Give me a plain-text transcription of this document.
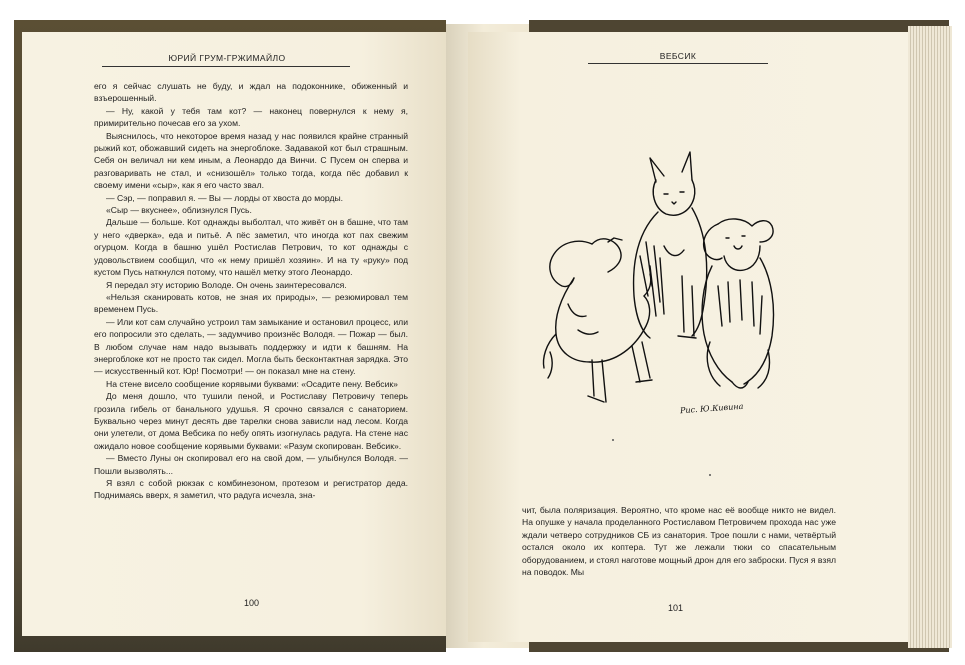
ЮРИЙ ГРУМ-ГРЖИМАЙЛО

его я сейчас слушать не буду, и ждал на подоконнике, обиженный и взъерошенный.

— Ну, какой у тебя там кот? — наконец повернулся к нему я, примирительно почесав его за ухом.

Выяснилось, что некоторое время назад у нас появился крайне странный рыжий кот, обожавший сидеть на энергоблоке. Задавакой кот был страшным. Себя он величал ни кем иным, а Леонардо да Винчи. С Пусем он сперва и разговаривать не стал, и «снизошёл» только тогда, когда пёс добавил к своему имени «сыр», как я его часто звал.

— Сэр, — поправил я. — Вы — лорды от хвоста до морды.

«Сыр — вкуснее», облизнулся Пусь.

Дальше — больше. Кот однажды выболтал, что живёт он в башне, что там у него «дверка», еда и питьё. А пёс заметил, что иногда кот пах свежим огурцом. Когда в башню ушёл Ростислав Петрович, то кот однажды с удовольствием сообщил, что «к нему пришёл хозяин». И на ту «руку» под кустом Пусь наткнулся потому, что нашёл метку этого Леонардо.

Я передал эту историю Володе. Он очень заинтересовался.

«Нельзя сканировать котов, не зная их природы», — резюмировал тем временем Пусь.

— Или кот сам случайно устроил там замыкание и остановил процесс, или его попросили это сделать, — задумчиво произнёс Володя. — Пожар — был. В любом случае нам надо вызывать поддержку и идти к башням. На энергоблоке кот не просто так сидел. Могла быть бесконтактная зарядка. Это — искусственный кот. Юр! Посмотри! — он показал мне на стену.

На стене висело сообщение корявыми буквами: «Осадите пену. Вебсик»

До меня дошло, что тушили пеной, и Ростиславу Петровичу теперь грозила гибель от банального удушья. Я срочно связался с санаторием. Буквально через минут десять две тарелки снова зависли над лесом. Когда они улетели, от дома Вебсика по небу опять изогнулась радуга. На стене нас ожидало новое сообщение корявыми буквами: «Разум скопирован. Вебсик».

— Вместо Луны он скопировал его на свой дом, — улыбнулся Володя. — Пошли вызволять...

Я взял с собой рюкзак с комбинезоном, протезом и регистратор деда. Поднимаясь вверх, я заметил, что радуга исчезла, зна-

100
ВЕБСИК
Рис. Ю.Кивина

чит, была поляризация. Вероятно, что кроме нас её вообще никто не видел. На опушке у начала проделанного Ростиславом Петровичем прохода нас уже ждали четверо сотрудников СБ из санатория. Трое пошли с нами, четвёртый остался около их коптера. Тут же лежали тюки со спасательным оборудованием, и стоял наготове мощный дрон для его заброски. Пуся я взял на поводок. Мы

101
